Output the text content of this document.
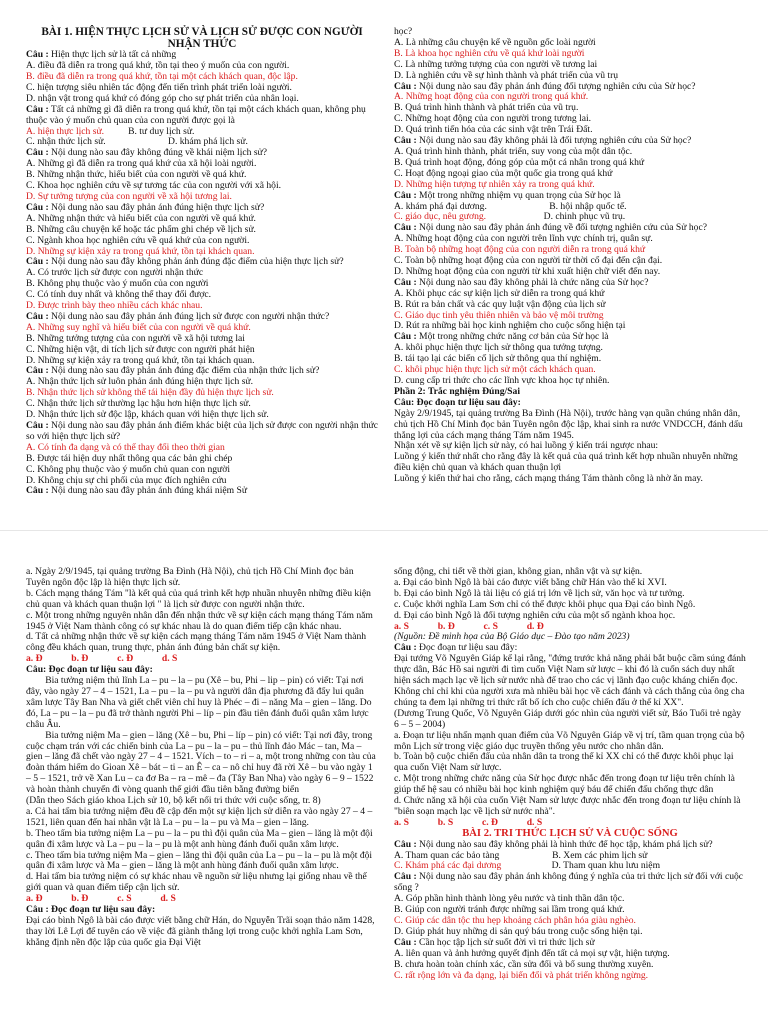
BÀI 1. HIỆN THỰC LỊCH SỬ VÀ LỊCH SỬ ĐƯỢC CON NGƯỜI NHẬN THỨC
Câu : Hiện thực lịch sử là tất cả những
A. điều đã diễn ra trong quá khứ, tồn tại theo ý muốn của con người.
B. điều đã diễn ra trong quá khứ, tồn tại một cách khách quan, độc lập.
C. hiện tượng siêu nhiên tác động đến tiến trình phát triển loài người.
D. nhận vật trong quá khứ có đóng góp cho sự phát triển của nhân loại.
Câu : Tất cả những gì đã diễn ra trong quá khứ, tồn tại một cách khách quan, không phụ thuộc vào ý muốn chủ quan của con người được gọi là
A. hiện thực lịch sử.          B. tư duy lịch sử.
C. nhận thức lịch sử.                          D. khám phá lịch sử.
Câu : Nội dung nào sau đây không đúng về khái niệm lịch sử?
A. Những gì đã diễn ra trong quá khứ của xã hội loài người.
B. Những nhận thức, hiểu biết của con người về quá khứ.
C. Khoa học nghiên cứu về sự tương tác của con người với xã hội.
D. Sự tưởng tượng của con người về xã hội tương lai.
Câu : Nội dung nào sau đây phản ánh đúng hiện thực lịch sử?
A. Những nhận thức và hiểu biết của con người về quá khứ.
B. Những câu chuyện kể hoặc tác phẩm ghi chép về lịch sử.
C. Ngành khoa học nghiên cứu về quá khứ của con người.
D. Những sự kiện xảy ra trong quá khứ, tồn tại khách quan.
Câu : Nội dung nào sau đây không phản ánh đúng đặc điểm của hiện thực lịch sử?
A. Có trước lịch sử được con người nhận thức
B. Không phụ thuộc vào ý muốn của con người
C. Có tính duy nhất và không thể thay đổi được.
D. Được trình bày theo nhiều cách khác nhau.
Câu : Nội dung nào sau đây phản ánh đúng lịch sử được con người nhận thức?
A. Những suy nghĩ và hiểu biết của con người về quá khứ.
B. Những tưởng tượng của con người về xã hội tương lai
C. Những hiện vật, di tích lịch sử được con người phát hiện
D. Những sự kiện xảy ra trong quá khứ, tồn tại khách quan.
Câu : Nội dung nào sau đây phản ánh đúng đặc điểm của nhận thức lịch sử?
A. Nhận thức lịch sử luôn phản ánh đúng hiện thực lịch sử.
B. Nhận thức lịch sử không thể tái hiện đầy đủ hiện thực lịch sử.
C. Nhận thức lịch sử thường lạc hậu hơn hiện thực lịch sử.
D. Nhận thức lịch sử độc lập, khách quan với hiện thực lịch sử.
Câu : Nội dung nào sau đây phản ánh điểm khác biệt của lịch sử được con người nhận thức so với hiện thực lịch sử?
A. Có tính đa dạng và có thể thay đổi theo thời gian
B. Được tái hiện duy nhất thông qua các bản ghi chép
C. Không phụ thuộc vào ý muốn chủ quan con người
D. Không chịu sự chi phối của mục đích nghiên cứu
Câu : Nội dung nào sau đây phản ánh đúng khái niệm Sử
học?
A. Là những câu chuyện kể về nguồn gốc loài người
B. Là khoa học nghiên cứu về quá khứ loài người
C. Là những tưởng tượng của con người về tương lai
D. Là nghiên cứu về sự hình thành và phát triển của vũ trụ
Câu : Nội dung nào sau đây phản ánh đúng đối tượng nghiên cứu của Sử học?
A. Những hoạt động của con người trong quá khứ.
B. Quá trình hình thành và phát triển của vũ trụ.
C. Những hoạt động của con người trong tương lai.
D. Quá trình tiến hóa của các sinh vật trên Trái Đất.
Câu : Nội dung nào sau đây không phải là đối tượng nghiên cứu của Sử học?
A. Quá trình hình thành, phát triển, suy vong của một dân tộc.
B. Quá trình hoạt động, đóng góp của một cá nhân trong quá khứ
C. Hoạt động ngoại giao của một quốc gia trong quá khứ
D. Những hiện tượng tự nhiên xảy ra trong quá khứ.
Câu : Một trong những nhiệm vụ quan trọng của Sử học là
A. khám phá đại dương.                          B. hội nhập quốc tế.
C. giáo dục, nêu gương.                        D. chinh phục vũ trụ.
Câu : Nội dung nào sau đây phản ánh đúng về đối tượng nghiên cứu của Sử học?
A. Những hoạt động của con người trên lĩnh vực chính trị, quân sự.
B. Toàn bộ những hoạt động của con người diễn ra trong quá khứ
C. Toàn bộ những hoạt động của con người từ thời cổ đại đến cận đại.
D. Những hoạt động của con người từ khi xuất hiện chữ viết đến nay.
Câu : Nội dung nào sau đây không phải là chức năng của Sử học?
A. Khôi phục các sự kiện lịch sử diễn ra trong quá khứ
B. Rút ra bản chất và các quy luật vận động của lịch sử
C. Giáo dục tinh yêu thiên nhiên và bảo vệ môi trường
D. Rút ra những bài học kinh nghiệm cho cuộc sống hiện tại
Câu : Một trong những chức năng cơ bản của Sử học là
A. khôi phục hiện thực lịch sử thông qua tưởng tượng.
B. tái tạo lại các biến cố lịch sử thông qua thí nghiệm.
C. khôi phục hiện thực lịch sử một cách khách quan.
D. cung cấp tri thức cho các lĩnh vực khoa học tự nhiên.
Phần 2: Trắc nghiệm Đúng/Sai
Câu: Đọc đoạn tư liệu sau đây:
Ngày 2/9/1945, tại quảng trường Ba Đình (Hà Nội), trước hàng vạn quần chúng nhân dân, chủ tịch Hồ Chí Minh đọc bản Tuyên ngôn độc lập, khai sinh ra nước VNDCCH, đánh dấu thắng lợi của cách mạng tháng Tám năm 1945.
Nhận xét về sự kiện lịch sử này, có hai luồng ý kiến trái ngược nhau:
Luồng ý kiến thứ nhất cho rằng đây là kết quả của quá trình kết hợp nhuần nhuyễn những điều kiện chủ quan và khách quan thuận lợi
Luồng ý kiến thứ hai cho rằng, cách mạng tháng Tám thành công là nhờ ăn may.
a. Ngày 2/9/1945, tại quảng trường Ba Đình (Hà Nội), chủ tịch Hồ Chí Minh đọc bản Tuyên ngôn độc lập là hiện thực lịch sử.
b. Cách mạng tháng Tám "là kết quả của quá trình kết hợp nhuần nhuyễn những điều kiện chủ quan và khách quan thuận lợi " là lịch sử được con người nhận thức.
c. Một trong những nguyên nhân dẫn đến nhận thức về sự kiện cách mạng tháng Tám năm 1945 ở Việt Nam thành công có sự khác nhau là do quan điểm tiếp cận khác nhau.
d. Tất cả những nhận thức về sự kiện cách mạng tháng Tám năm 1945 ở Việt Nam thành công đều khách quan, trung thực, phản ánh đúng bản chất sự kiện.
a. Đ            b. Đ            c. Đ            d. S
Câu: Đọc đoạn tư liệu sau đây:
Bia tưởng niệm thủ lĩnh La – pu – la – pu (Xê – bu, Phi – lip – pin) có viết: Tại nơi đây, vào ngày 27 – 4 – 1521, La – pu – la – pu và người dân địa phương đã đẩy lui quân xâm lược Tây Ban Nha và giết chết viên chỉ huy là Phéc – đi – năng Ma – gien – lăng. Do đó, La – pu – la – pu đã trở thành người Phi – líp – pin đầu tiên đánh đuổi quân xâm lược châu Âu.
Bia tưởng niệm Ma – gien – lăng (Xê – bu, Phi – líp – pin) có viết: Tại nơi đây, trong cuộc chạm trán với các chiến binh của La – pu – la – pu – thủ lĩnh đảo Mác – tan, Ma – gien – lăng đã chết vào ngày 27 – 4 – 1521. Vích – to – ri – a, một trong những con tàu của đoàn thám hiểm do Gioan Xê – bát – ti – an Ê – ca – nô chỉ huy đã rời Xê – bu vào ngày 1 – 5 – 1521, trở về Xan Lu – ca đơ Ba – ra – mê – đa (Tây Ban Nha) vào ngày 6 – 9 – 1522 và hoàn thành chuyến đi vòng quanh thế giới đầu tiên bằng đường biển
(Dẫn theo Sách giáo khoa Lịch sử 10, bộ kết nối tri thức với cuộc sống, tr. 8)
a. Cả hai tấm bia tưởng niệm đều đề cập đến một sự kiện lịch sử diễn ra vào ngày 27 – 4 – 1521, liên quan đến hai nhân vật là La – pu – la – pu và Ma – gien – lăng.
b. Theo tấm bia tưởng niệm La – pu – la – pu thì đội quân của Ma – gien – lăng là một đội quân đi xâm lược và La – pu – la – pu là một anh hùng đánh đuổi quân xâm lược.
c. Theo tấm bia tưởng niệm Ma – gien – lăng thì đội quân của La – pu – la – pu là một đội quân đi xâm lược và Ma – gien – lăng là một anh hùng đánh đuổi quân xâm lược.
d. Hai tấm bia tưởng niệm có sự khác nhau về nguồn sử liệu nhưng lại giống nhau về thế giới quan và quan điểm tiếp cận lịch sử.
a. Đ            b. Đ            c. S            d. S
Câu : Đọc đoạn tư liệu sau đây:
Đại cáo bình Ngô là bài cáo được viết bằng chữ Hán, do Nguyễn Trãi soạn thảo năm 1428, thay lời Lê Lợi để tuyên cáo về việc đã giành thắng lợi trong cuộc khởi nghĩa Lam Sơn, khẳng định nền độc lập của quốc gia Đại Việt
sống động, chi tiết về thời gian, không gian, nhân vật và sự kiện.
a. Đại cáo bình Ngô là bài cáo được viết bằng chữ Hán vào thế kỉ XVI.
b. Đại cáo bình Ngô là tài liệu có giá trị lớn về lịch sử, văn học và tư tưởng.
c. Cuộc khởi nghĩa Lam Sơn chỉ có thể được khôi phục qua Đại cáo bình Ngô.
d. Đại cáo bình Ngô là đối tượng nghiên cứu của một số ngành khoa học.
a. S            b. Đ            c. S            d. Đ
(Nguồn: Đề minh họa của Bộ Giáo dục – Đào tạo năm 2023)
Câu : Đọc đoạn tư liệu sau đây:
Đại tướng Võ Nguyên Giáp kể lại rằng, "đứng trước khả năng phải bắt buộc cầm súng đánh thực dân, Bác Hồ sai người đi tìm cuốn Việt Nam sử lược – khi đó là cuốn sách duy nhất hiện sách mạch lạc về lịch sử nước nhà để trao cho các vị lãnh đạo cuộc kháng chiến đọc. Không chỉ chỉ khi của người xưa mà nhiều bài học về cách đánh và cách thắng của ông cha chúng ta đem lại những tri thức rất bổ ích cho cuộc chiến đấu ở thế kỉ XX".
(Dương Trung Quốc, Võ Nguyên Giáp dưới góc nhìn của người viết sử, Báo Tuổi trẻ ngày 6 – 5 – 2004)
a. Đoạn tư liệu nhấn mạnh quan điểm của Võ Nguyên Giáp về vị trí, tầm quan trọng của bộ môn Lịch sử trong việc giáo dục truyền thống yêu nước cho nhân dân.
b. Toàn bộ cuộc chiến đấu của nhân dân ta trong thế kỉ XX chỉ có thể được khôi phục lại qua cuốn Việt Nam sử lược.
c. Một trong những chức năng của Sử học được nhắc đến trong đoạn tư liệu trên chính là giúp thế hệ sau có nhiều bài học kinh nghiệm quý báu để chiến đấu chống thực dân
d. Chức năng xã hội của cuốn Việt Nam sử lược được nhắc đến trong đoạn tư liệu chính là "biên soạn mạch lạc về lịch sử nước nhà".
a. S            b. S            c. Đ            d. S
BÀI 2. TRI THỨC LỊCH SỬ VÀ CUỘC SỐNG
Câu : Nội dung nào sau đây không phải là hình thức để học tập, khám phá lịch sử?
A. Tham quan các bảo tàng                      B. Xem các phim lịch sử
C. Khám phá các đại dương                     D. Tham quan khu lưu niệm
Câu : Nội dung nào sau đây phản ánh không đúng ý nghĩa của tri thức lịch sử đối với cuộc sống ?
A. Góp phần hình thành lòng yêu nước và tinh thần dân tộc.
B. Giúp con người tránh được những sai lầm trong quá khứ.
C. Giúp các dân tộc thu hẹp khoảng cách phân hóa giàu nghèo.
D. Giúp phát huy những di sản quý báu trong cuộc sống hiện tại.
Câu : Cần học tập lịch sử suốt đời vì tri thức lịch sử
A. liên quan và ảnh hưởng quyết định đến tất cả mọi sự vật, hiện tượng.
B. chưa hoàn toàn chính xác, cần sửa đổi và bổ sung thường xuyên.
C. rất rộng lớn và đa dạng, lại biến đổi và phát triển không ngừng.
